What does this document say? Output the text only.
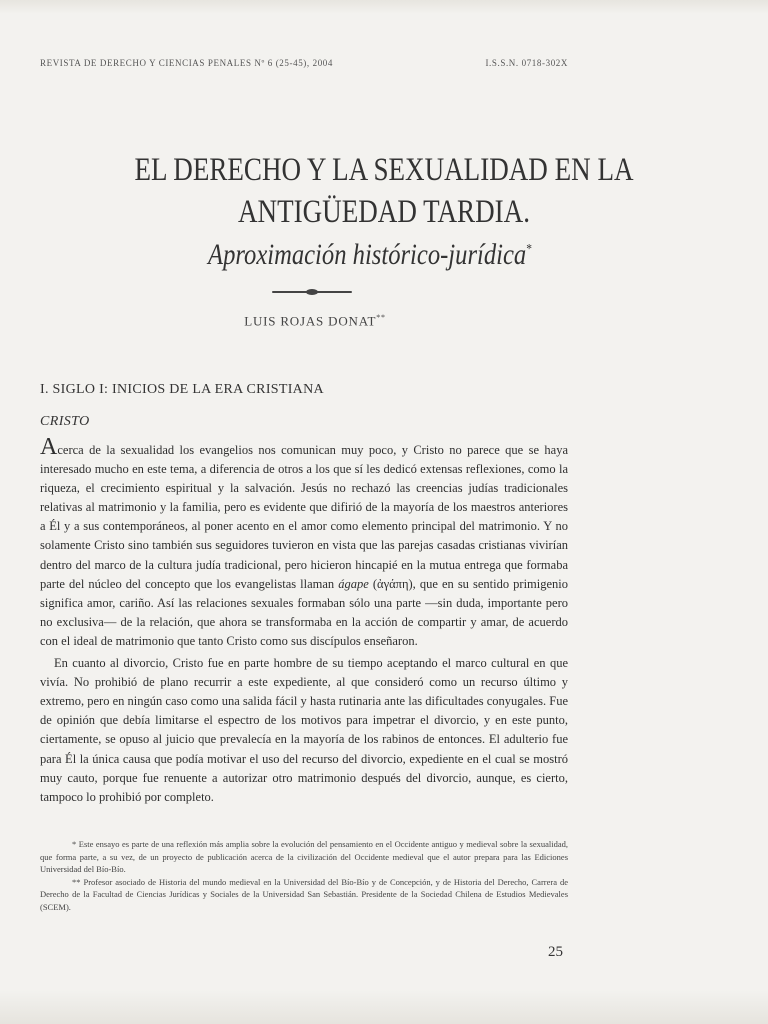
REVISTA DE DERECHO Y CIENCIAS PENALES Nº 6 (25-45), 2004	I.S.S.N. 0718-302X
EL DERECHO Y LA SEXUALIDAD EN LA
ANTIGÜEDAD TARDIA.
Aproximación histórico-jurídica*
LUIS ROJAS DONAT**
I. SIGLO I: INICIOS DE LA ERA CRISTIANA
CRISTO

Acerca de la sexualidad los evangelios nos comunican muy poco, y Cristo no parece que se haya interesado mucho en este tema, a diferencia de otros a los que sí les dedicó extensas reflexiones, como la riqueza, el crecimiento espiritual y la salvación. Jesús no rechazó las creencias judías tradicionales relativas al matrimonio y la familia, pero es evidente que difirió de la mayoría de los maestros anteriores a Él y a sus contemporáneos, al poner acento en el amor como elemento principal del matrimonio. Y no solamente Cristo sino también sus seguidores tuvieron en vista que las parejas casadas cristianas vivirían dentro del marco de la cultura judía tradicional, pero hicieron hincapié en la mutua entrega que formaba parte del núcleo del concepto que los evangelistas llaman ágape (ἀγάπη), que en su sentido primigenio significa amor, cariño. Así las relaciones sexuales formaban sólo una parte —sin duda, importante pero no exclusiva— de la relación, que ahora se transformaba en la acción de compartir y amar, de acuerdo con el ideal de matrimonio que tanto Cristo como sus discípulos enseñaron.

En cuanto al divorcio, Cristo fue en parte hombre de su tiempo aceptando el marco cultural en que vivía. No prohibió de plano recurrir a este expediente, al que consideró como un recurso último y extremo, pero en ningún caso como una salida fácil y hasta rutinaria ante las dificultades conyugales. Fue de opinión que debía limitarse el espectro de los motivos para impetrar el divorcio, y en este punto, ciertamente, se opuso al juicio que prevalecía en la mayoría de los rabinos de entonces. El adulterio fue para Él la única causa que podía motivar el uso del recurso del divorcio, expediente en el cual se mostró muy cauto, porque fue renuente a autorizar otro matrimonio después del divorcio, aunque, es cierto, tampoco lo prohibió por completo.

* Este ensayo es parte de una reflexión más amplia sobre la evolución del pensamiento en el Occidente antiguo y medieval sobre la sexualidad, que forma parte, a su vez, de un proyecto de publicación acerca de la civilización del Occidente medieval que el autor prepara para las Ediciones Universidad del Bío-Bío.

** Profesor asociado de Historia del mundo medieval en la Universidad del Bío-Bío y de Concepción, y de Historia del Derecho, Carrera de Derecho de la Facultad de Ciencias Jurídicas y Sociales de la Universidad San Sebastián. Presidente de la Sociedad Chilena de Estudios Medievales (SCEM).

25
